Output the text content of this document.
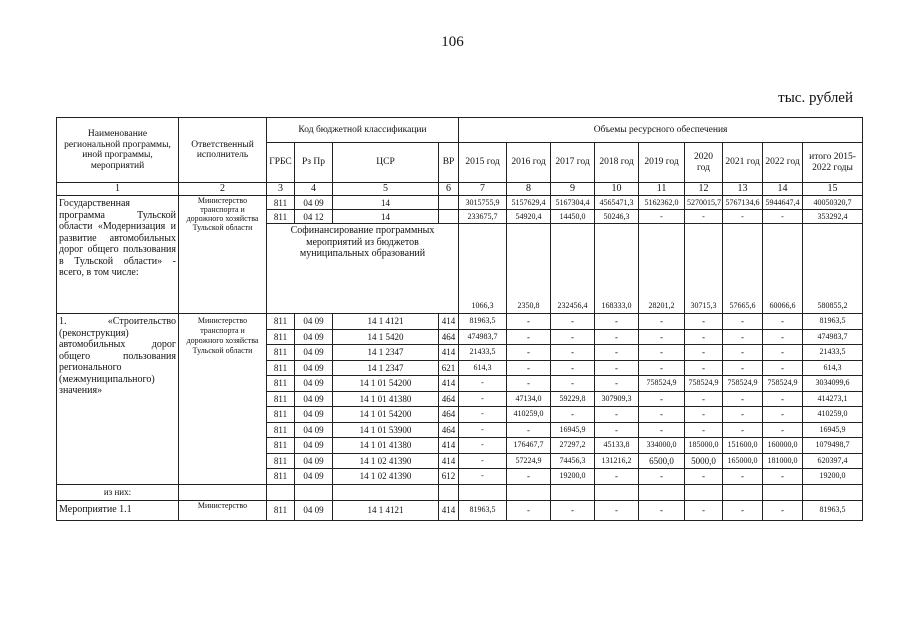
106
тыс. рублей
Наименование региональной программы, иной программы, мероприятий	Ответственный исполнитель	Код бюджетной классификации				Объемы ресурсного обеспечения								
		ГРБС	Рз Пр	ЦСР	ВР	2015 год	2016 год	2017 год	2018 год	2019 год	2020 год	2021 год	2022 год	итого 2015-2022 годы
1	2	3	4	5	6	7	8	9	10	11	12	13	14	15
Государственная программа Тульской области «Модернизация и развитие автомобильных дорог общего пользования в Тульской области» - всего, в том числе:	Министерство транспорта и дорожного хозяйства Тульской области	811	04 09	14		3015755,9	5157629,4	5167304,4	4565471,3	5162362,0	5270015,7	5767134,6	5944647,4	40050320,7
		811	04 12	14		233675,7	54920,4	14450,0	50246,3	-	-	-	-	353292,4
		Софинансирование программных мероприятий из бюджетов муниципальных образований				1066,3	2350,8	232456,4	168333,0	28201,2	30715,3	57665,6	60066,6	580855,2
1. «Строительство (реконструкция) автомобильных дорог общего пользования регионального (межмуниципального) значения»	Министерство транспорта и дорожного хозяйства Тульской области	811	04 09	14 1 4121	414	81963,5	-	-	-	-	-	-	-	81963,5
		811	04 09	14 1 5420	464	474983,7	-	-	-	-	-	-	-	474983,7
		811	04 09	14 1 2347	414	21433,5	-	-	-	-	-	-	-	21433,5
		811	04 09	14 1 2347	621	614,3	-	-	-	-	-	-	-	614,3
		811	04 09	14 1 01 54200	414	-	-	-	-	758524,9	758524,9	758524,9	758524,9	3034099,6
		811	04 09	14 1 01 41380	464	-	47134,0	59229,8	307909,3	-	-	-	-	414273,1
		811	04 09	14 1 01 54200	464	-	410259,0	-	-	-	-	-	-	410259,0
		811	04 09	14 1 01 53900	464	-	-	16945,9	-	-	-	-	-	16945,9
		811	04 09	14 1 01 41380	414	-	176467,7	27297,2	45133,8	334000,0	185000,0	151600,0	160000,0	1079498,7
		811	04 09	14 1 02 41390	414	-	57224,9	74456,3	131216,2	6500,0	5000,0	165000,0	181000,0	620397,4
		811	04 09	14 1 02 41390	612	-	-	19200,0	-	-	-	-	-	19200,0
из них:														
Мероприятие 1.1	Министерство	811	04 09	14 1 4121	414	81963,5	-	-	-	-	-	-	-	81963,5
